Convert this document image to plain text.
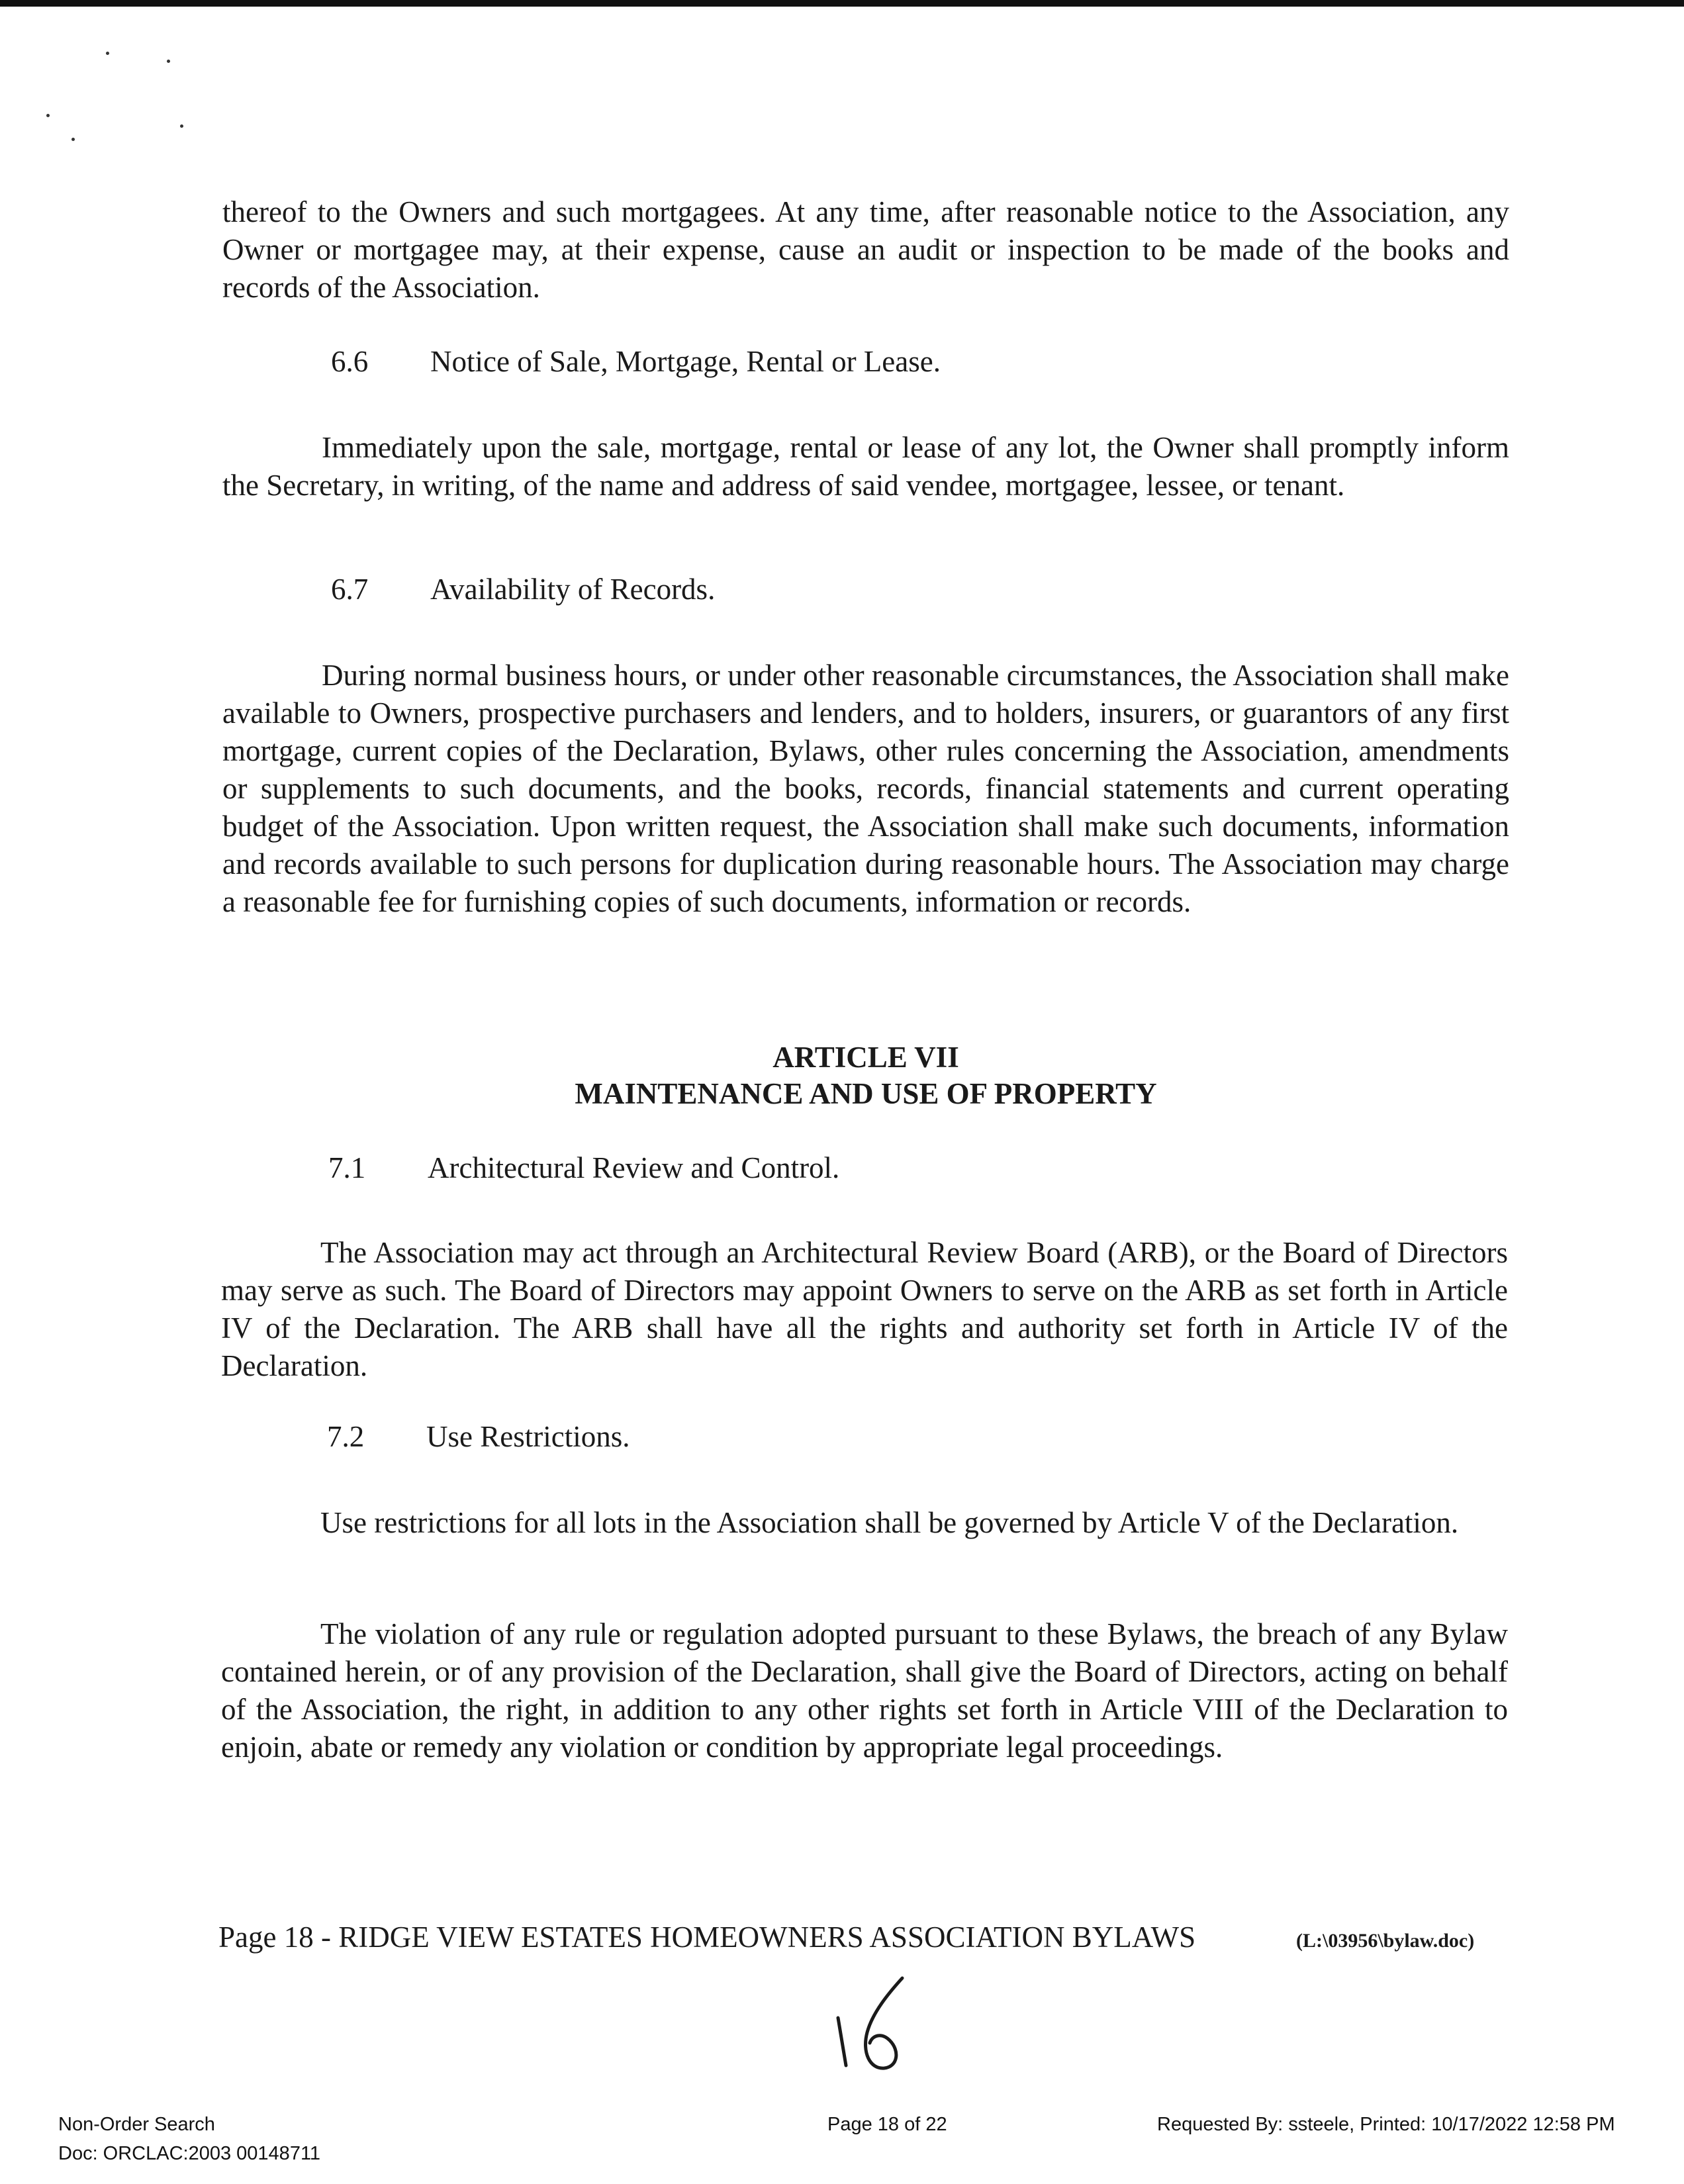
thereof to the Owners and such mortgagees. At any time, after reasonable notice to the Association, any Owner or mortgagee may, at their expense, cause an audit or inspection to be made of the books and records of the Association.

6.6 Notice of Sale, Mortgage, Rental or Lease.

Immediately upon the sale, mortgage, rental or lease of any lot, the Owner shall promptly inform the Secretary, in writing, of the name and address of said vendee, mortgagee, lessee, or tenant.

6.7 Availability of Records.

During normal business hours, or under other reasonable circumstances, the Association shall make available to Owners, prospective purchasers and lenders, and to holders, insurers, or guarantors of any first mortgage, current copies of the Declaration, Bylaws, other rules concerning the Association, amendments or supplements to such documents, and the books, records, financial statements and current operating budget of the Association. Upon written request, the Association shall make such documents, information and records available to such persons for duplication during reasonable hours. The Association may charge a reasonable fee for furnishing copies of such documents, information or records.

ARTICLE VII
MAINTENANCE AND USE OF PROPERTY
7.1 Architectural Review and Control.

The Association may act through an Architectural Review Board (ARB), or the Board of Directors may serve as such. The Board of Directors may appoint Owners to serve on the ARB as set forth in Article IV of the Declaration. The ARB shall have all the rights and authority set forth in Article IV of the Declaration.

7.2 Use Restrictions.

Use restrictions for all lots in the Association shall be governed by Article V of the Declaration.

The violation of any rule or regulation adopted pursuant to these Bylaws, the breach of any Bylaw contained herein, or of any provision of the Declaration, shall give the Board of Directors, acting on behalf of the Association, the right, in addition to any other rights set forth in Article VIII of the Declaration to enjoin, abate or remedy any violation or condition by appropriate legal proceedings.

Page 18 - RIDGE VIEW ESTATES HOMEOWNERS ASSOCIATION BYLAWS	(L:\03956\bylaw.doc)
Non-Order Search
Doc: ORCLAC:2003 00148711
Page 18 of 22	Requested By: ssteele, Printed: 10/17/2022 12:58 PM
